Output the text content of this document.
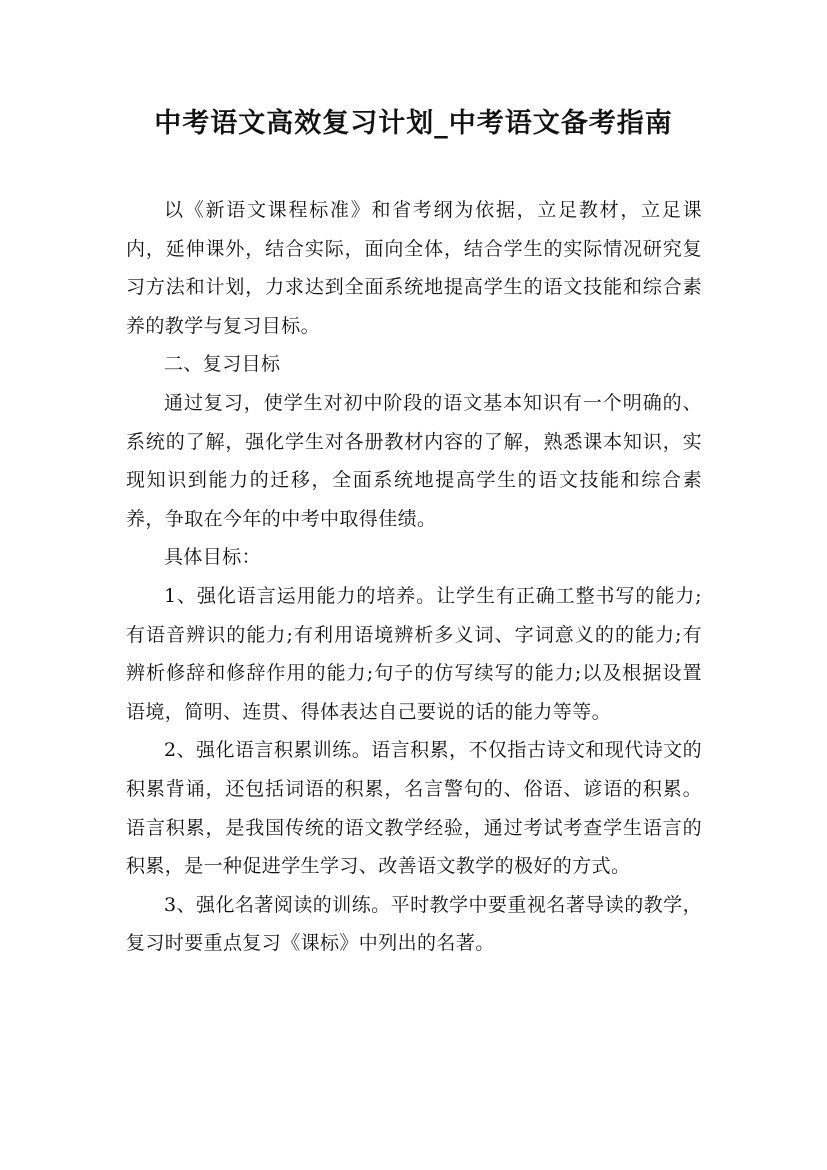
中考语文高效复习计划_中考语文备考指南

以《新语文课程标准》和省考纲为依据，立足教材，立足课内，延伸课外，结合实际，面向全体，结合学生的实际情况研究复习方法和计划，力求达到全面系统地提高学生的语文技能和综合素养的教学与复习目标。

二、复习目标

通过复习，使学生对初中阶段的语文基本知识有一个明确的、系统的了解，强化学生对各册教材内容的了解，熟悉课本知识，实现知识到能力的迁移，全面系统地提高学生的语文技能和综合素养，争取在今年的中考中取得佳绩。

具体目标：

1、强化语言运用能力的培养。让学生有正确工整书写的能力;有语音辨识的能力;有利用语境辨析多义词、字词意义的的能力;有辨析修辞和修辞作用的能力;句子的仿写续写的能力;以及根据设置语境，简明、连贯、得体表达自己要说的话的能力等等。

2、强化语言积累训练。语言积累，不仅指古诗文和现代诗文的积累背诵，还包括词语的积累，名言警句的、俗语、谚语的积累。语言积累，是我国传统的语文教学经验，通过考试考查学生语言的积累，是一种促进学生学习、改善语文教学的极好的方式。

3、强化名著阅读的训练。平时教学中要重视名著导读的教学，复习时要重点复习《课标》中列出的名著。
